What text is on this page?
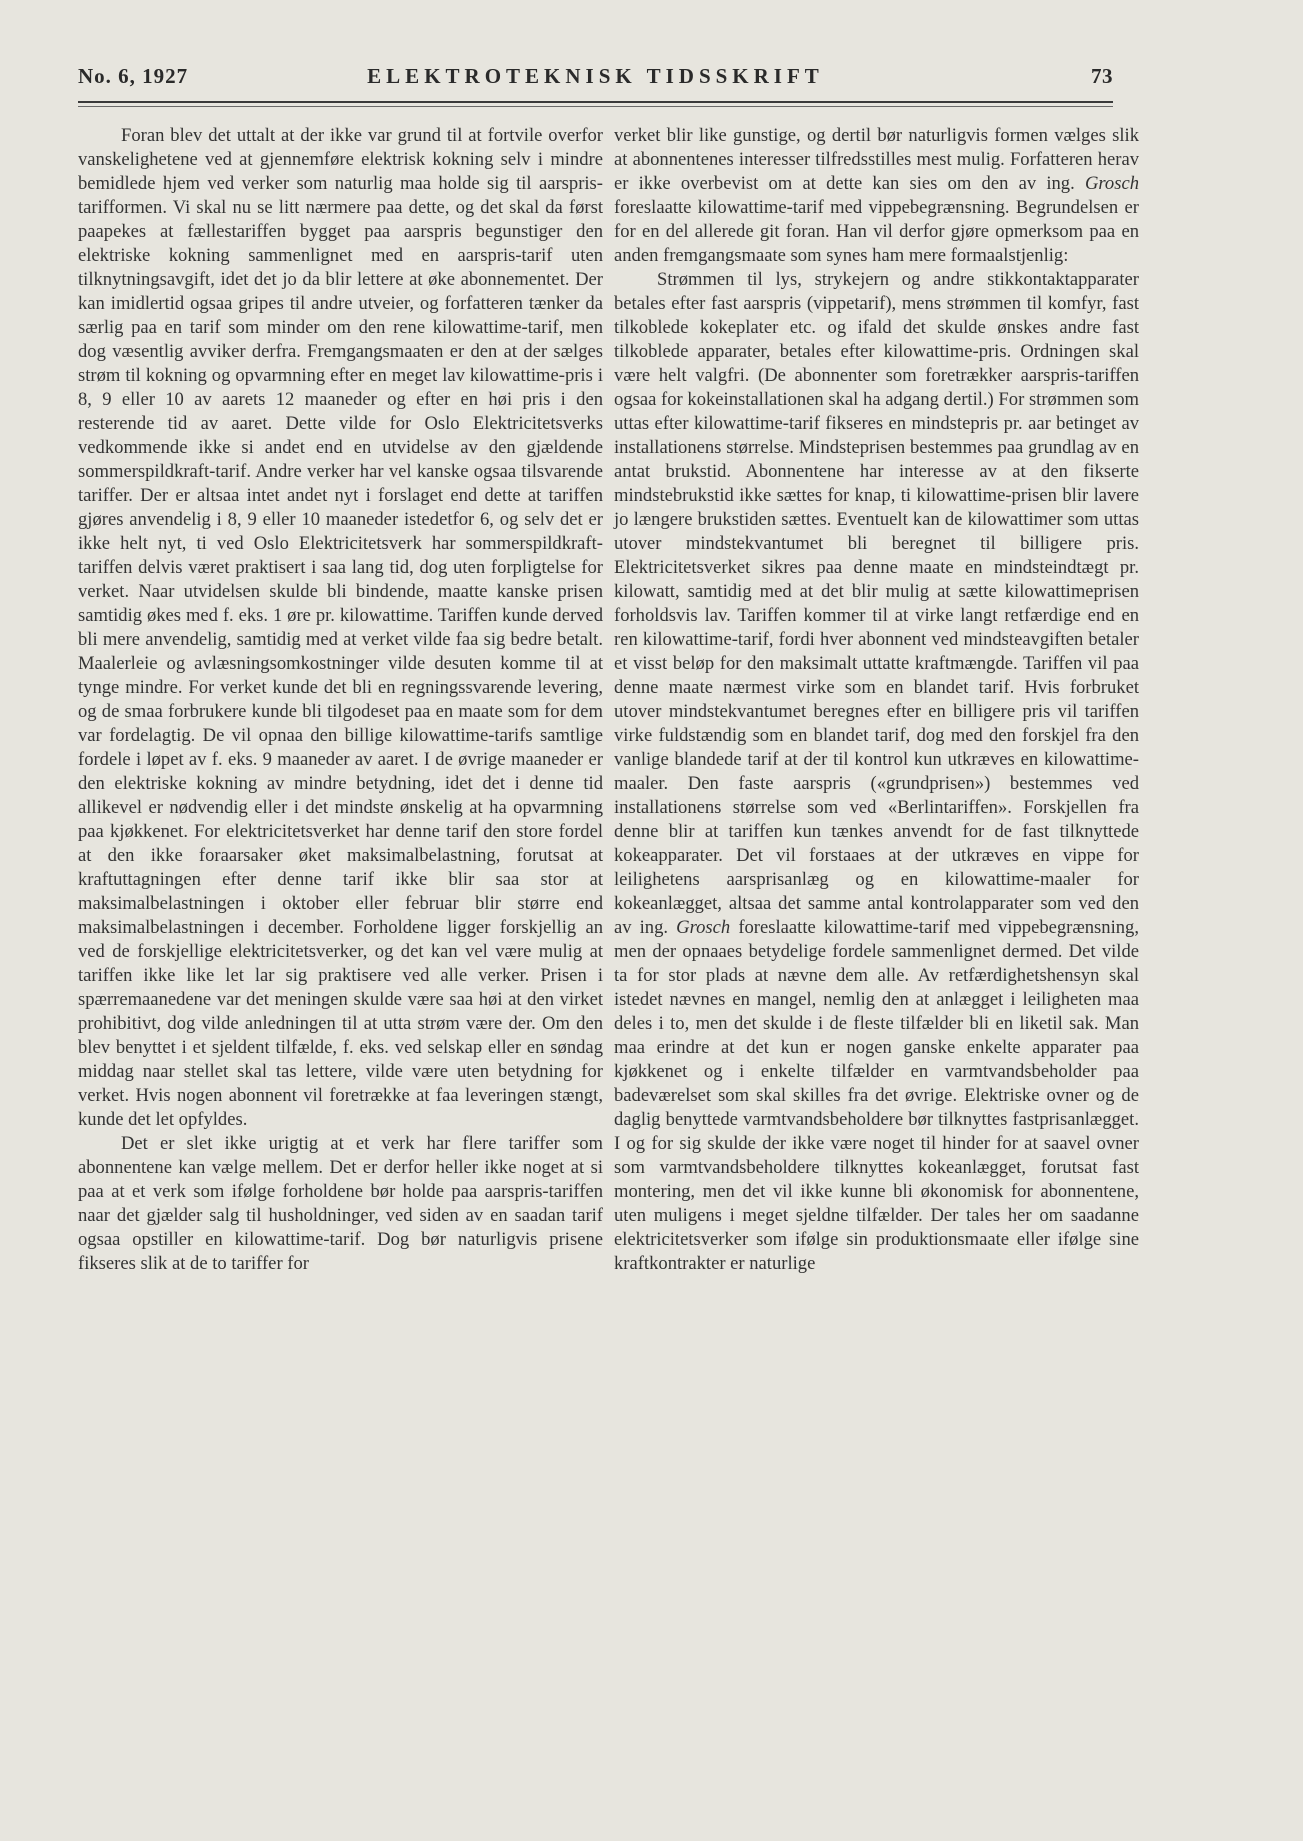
No. 6, 1927	ELEKTROTEKNISK TIDSSKRIFT	73

Foran blev det uttalt at der ikke var grund til at fortvile overfor vanskelighetene ved at gjennemføre elektrisk kokning selv i mindre bemidlede hjem ved verker som naturlig maa holde sig til aarspris-tarifformen. Vi skal nu se litt nærmere paa dette, og det skal da først paapekes at fællestariffen bygget paa aarspris begunstiger den elektriske kokning sammenlignet med en aarspris-tarif uten tilknytningsavgift, idet det jo da blir lettere at øke abonnementet. Der kan imidlertid ogsaa gripes til andre utveier, og forfatteren tænker da særlig paa en tarif som minder om den rene kilowattime-tarif, men dog væsentlig avviker derfra. Fremgangsmaaten er den at der sælges strøm til kokning og opvarmning efter en meget lav kilowattime-pris i 8, 9 eller 10 av aarets 12 maaneder og efter en høi pris i den resterende tid av aaret. Dette vilde for Oslo Elektricitetsverks vedkommende ikke si andet end en utvidelse av den gjældende sommerspildkraft-tarif. Andre verker har vel kanske ogsaa tilsvarende tariffer. Der er altsaa intet andet nyt i forslaget end dette at tariffen gjøres anvendelig i 8, 9 eller 10 maaneder istedetfor 6, og selv det er ikke helt nyt, ti ved Oslo Elektricitetsverk har sommerspildkraft-tariffen delvis været praktisert i saa lang tid, dog uten forpligtelse for verket. Naar utvidelsen skulde bli bindende, maatte kanske prisen samtidig økes med f. eks. 1 øre pr. kilowattime. Tariffen kunde derved bli mere anvendelig, samtidig med at verket vilde faa sig bedre betalt. Maalerleie og avlæsningsomkostninger vilde desuten komme til at tynge mindre. For verket kunde det bli en regningssvarende levering, og de smaa forbrukere kunde bli tilgodeset paa en maate som for dem var fordelagtig. De vil opnaa den billige kilowattime-tarifs samtlige fordele i løpet av f. eks. 9 maaneder av aaret. I de øvrige maaneder er den elektriske kokning av mindre betydning, idet det i denne tid allikevel er nødvendig eller i det mindste ønskelig at ha opvarmning paa kjøkkenet. For elektricitetsverket har denne tarif den store fordel at den ikke foraarsaker øket maksimalbelastning, forutsat at kraftuttagningen efter denne tarif ikke blir saa stor at maksimalbelastningen i oktober eller februar blir større end maksimalbelastningen i december. Forholdene ligger forskjellig an ved de forskjellige elektricitetsverker, og det kan vel være mulig at tariffen ikke like let lar sig praktisere ved alle verker. Prisen i spærremaanedene var det meningen skulde være saa høi at den virket prohibitivt, dog vilde anledningen til at utta strøm være der. Om den blev benyttet i et sjeldent tilfælde, f. eks. ved selskap eller en søndag middag naar stellet skal tas lettere, vilde være uten betydning for verket. Hvis nogen abonnent vil foretrække at faa leveringen stængt, kunde det let opfyldes.

Det er slet ikke urigtig at et verk har flere tariffer som abonnentene kan vælge mellem. Det er derfor heller ikke noget at si paa at et verk som ifølge forholdene bør holde paa aarspris-tariffen naar det gjælder salg til husholdninger, ved siden av en saadan tarif ogsaa opstiller en kilowattime-tarif. Dog bør naturligvis prisene fikseres slik at de to tariffer for

verket blir like gunstige, og dertil bør naturligvis formen vælges slik at abonnentenes interesser tilfredsstilles mest mulig. Forfatteren herav er ikke overbevist om at dette kan sies om den av ing. Grosch foreslaatte kilowattime-tarif med vippebegrænsning. Begrundelsen er for en del allerede git foran. Han vil derfor gjøre opmerksom paa en anden fremgangsmaate som synes ham mere formaalstjenlig:

Strømmen til lys, strykejern og andre stikkontaktapparater betales efter fast aarspris (vippetarif), mens strømmen til komfyr, fast tilkoblede kokeplater etc. og ifald det skulde ønskes andre fast tilkoblede apparater, betales efter kilowattime-pris. Ordningen skal være helt valgfri. (De abonnenter som foretrækker aarspris-tariffen ogsaa for kokeinstallationen skal ha adgang dertil.) For strømmen som uttas efter kilowattime-tarif fikseres en mindstepris pr. aar betinget av installationens størrelse. Mindsteprisen bestemmes paa grundlag av en antat brukstid. Abonnentene har interesse av at den fikserte mindstebrukstid ikke sættes for knap, ti kilowattime-prisen blir lavere jo længere brukstiden sættes. Eventuelt kan de kilowattimer som uttas utover mindstekvantumet bli beregnet til billigere pris. Elektricitetsverket sikres paa denne maate en mindsteindtægt pr. kilowatt, samtidig med at det blir mulig at sætte kilowattimeprisen forholdsvis lav. Tariffen kommer til at virke langt retfærdige end en ren kilowattime-tarif, fordi hver abonnent ved mindsteavgiften betaler et visst beløp for den maksimalt uttatte kraftmængde. Tariffen vil paa denne maate nærmest virke som en blandet tarif. Hvis forbruket utover mindstekvantumet beregnes efter en billigere pris vil tariffen virke fuldstændig som en blandet tarif, dog med den forskjel fra den vanlige blandede tarif at der til kontrol kun utkræves en kilowattime-maaler. Den faste aarspris («grundprisen») bestemmes ved installationens størrelse som ved «Berlintariffen». Forskjellen fra denne blir at tariffen kun tænkes anvendt for de fast tilknyttede kokeapparater. Det vil forstaaes at der utkræves en vippe for leilighetens aarsprisanlæg og en kilowattime-maaler for kokeanlægget, altsaa det samme antal kontrolapparater som ved den av ing. Grosch foreslaatte kilowattime-tarif med vippebegrænsning, men der opnaaes betydelige fordele sammenlignet dermed. Det vilde ta for stor plads at nævne dem alle. Av retfærdighetshensyn skal istedet nævnes en mangel, nemlig den at anlægget i leiligheten maa deles i to, men det skulde i de fleste tilfælder bli en liketil sak. Man maa erindre at det kun er nogen ganske enkelte apparater paa kjøkkenet og i enkelte tilfælder en varmtvandsbeholder paa badeværelset som skal skilles fra det øvrige. Elektriske ovner og de daglig benyttede varmtvandsbeholdere bør tilknyttes fastprisanlægget. I og for sig skulde der ikke være noget til hinder for at saavel ovner som varmtvandsbeholdere tilknyttes kokeanlægget, forutsat fast montering, men det vil ikke kunne bli økonomisk for abonnentene, uten muligens i meget sjeldne tilfælder. Der tales her om saadanne elektricitetsverker som ifølge sin produktionsmaate eller ifølge sine kraftkontrakter er naturlige
